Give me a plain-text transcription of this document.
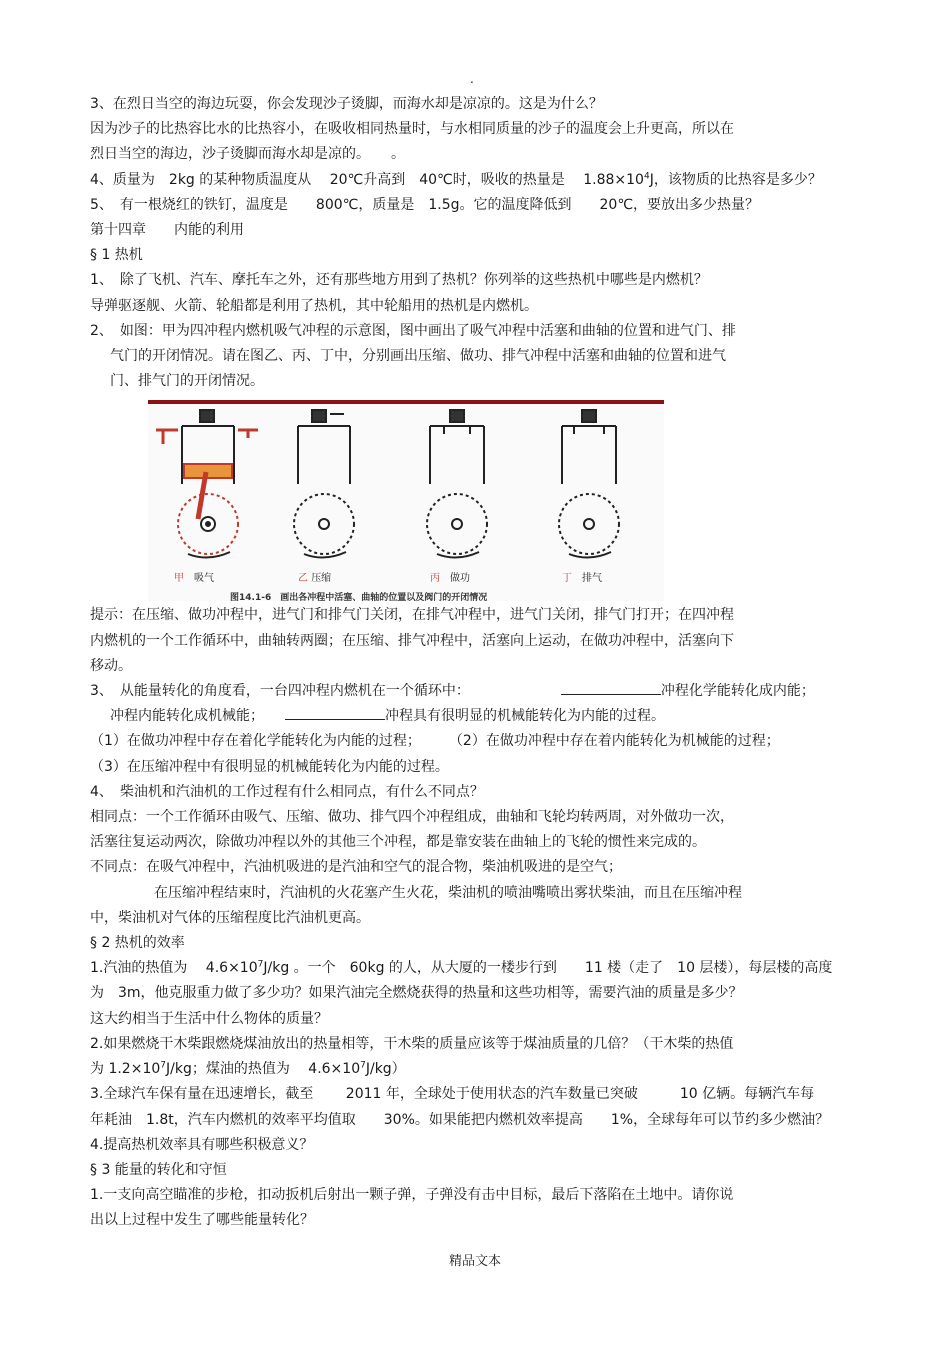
.
3、在烈日当空的海边玩耍，你会发现沙子烫脚，而海水却是凉凉的。这是为什么？
因为沙子的比热容比水的比热容小，在吸收相同热量时，与水相同质量的沙子的温度会上升更高，所以在
烈日当空的海边，沙子烫脚而海水却是凉的。　　。
4、质量为　2kg 的某种物质温度从　 20℃升高到　40℃时，吸收的热量是　 $1.88\times 10^4J$，该物质的比热容是多少？
5、　有一根烧红的铁钉，温度是　　800℃，质量是　1.5g。它的温度降低到　　20℃，要放出多少热量？
第十四章　　内能的利用
§ 1 热机
1、　除了飞机、汽车、摩托车之外，还有那些地方用到了热机？你列举的这些热机中哪些是内燃机？
导弹驱逐舰、火箭、轮船都是利用了热机，其中轮船用的热机是内燃机。
2、　如图：甲为四冲程内燃机吸气冲程的示意图，图中画出了吸气冲程中活塞和曲轴的位置和进气门、排
气门的开闭情况。请在图乙、丙、丁中，分别画出压缩、做功、排气冲程中活塞和曲轴的位置和进气
门、排气门的开闭情况。
甲　 吸气	乙 压缩	丙　 做功	丁　 排气
图14.1-6　画出各冲程中活塞、曲轴的位置以及阀门的开闭情况
提示：在压缩、做功冲程中，进气门和排气门关闭，在排气冲程中，进气门关闭，排气门打开；在四冲程
内燃机的一个工作循环中，曲轴转两圈；在压缩、排气冲程中，活塞向上运动，在做功冲程中，活塞向下
移动。
3、　从能量转化的角度看，一台四冲程内燃机在一个循环中：　　　　　　　	冲程化学能转化成内能；
冲程内能转化成机械能；　　	冲程具有很明显的机械能转化为内能的过程。
（1）在做功冲程中存在着化学能转化为内能的过程；　　　（2）在做功冲程中存在着内能转化为机械能的过程；
（3）在压缩冲程中有很明显的机械能转化为内能的过程。
4、　柴油机和汽油机的工作过程有什么相同点，有什么不同点？
相同点：一个工作循环由吸气、压缩、做功、排气四个冲程组成，曲轴和飞轮均转两周，对外做功一次，
活塞往复运动两次，除做功冲程以外的其他三个冲程，都是靠安装在曲轴上的飞轮的惯性来完成的。
不同点：在吸气冲程中，汽油机吸进的是汽油和空气的混合物，柴油机吸进的是空气；
在压缩冲程结束时，汽油机的火花塞产生火花，柴油机的喷油嘴喷出雾状柴油，而且在压缩冲程
中，柴油机对气体的压缩程度比汽油机更高。
§ 2 热机的效率
1.汽油的热值为　 $4.6\times 10^7J/kg$ 。一个　60kg 的人，从大厦的一楼步行到　　11 楼（走了　10 层楼），每层楼的高度
为　3m，他克服重力做了多少功？如果汽油完全燃烧获得的热量和这些功相等，需要汽油的质量是多少？
这大约相当于生活中什么物体的质量？
2.如果燃烧干木柴跟燃烧煤油放出的热量相等，干木柴的质量应该等于煤油质量的几倍？（干木柴的热值
为 $1.2\times 10^7J/kg$；煤油的热值为　 $4.6\times 10^7J/kg$）
3.全球汽车保有量在迅速增长，截至　　 2011 年，全球处于使用状态的汽车数量已突破　　　10 亿辆。每辆汽车每
年耗油　1.8t，汽车内燃机的效率平均值取　　30%。如果能把内燃机效率提高　　1%，全球每年可以节约多少燃油？
4.提高热机效率具有哪些积极意义？
§ 3 能量的转化和守恒
1.一支向高空瞄准的步枪，扣动扳机后射出一颗子弹，子弹没有击中目标，最后下落陷在土地中。请你说
出以上过程中发生了哪些能量转化？
精品文本
